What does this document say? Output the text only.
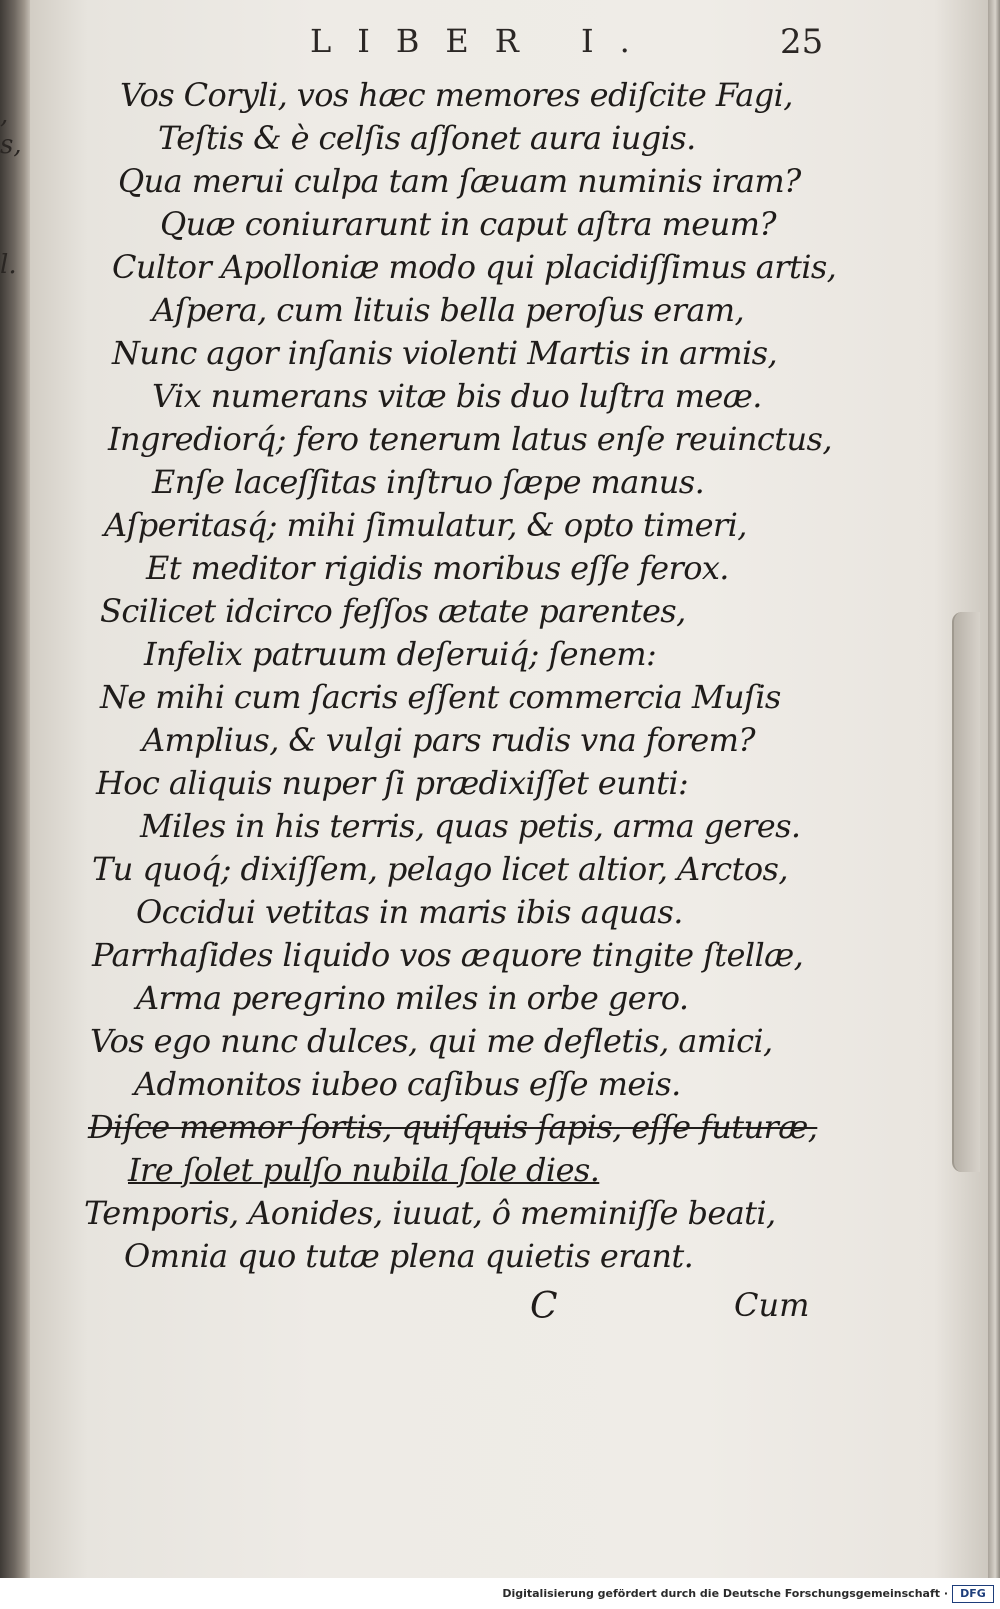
,
s,
l.
LIBER I.	25
Vos Coryli, vos hæc memores ediſcite Fagi,
Teſtis & è celſis aſſonet aura iugis.
Qua merui culpa tam ſæuam numinis iram?
Quæ coniurarunt in caput aſtra meum?
Cultor Apolloniæ modo qui placidiſſimus artis,
Aſpera, cum lituis bella peroſus eram,
Nunc agor inſanis violenti Martis in armis,
Vix numerans vitæ bis duo luſtra meæ.
Ingrediorq́; fero tenerum latus enſe reuinctus,
Enſe laceſſitas inſtruo ſæpe manus.
Aſperitasq́; mihi ſimulatur, & opto timeri,
Et meditor rigidis moribus eſſe ferox.
Scilicet idcirco feſſos ætate parentes,
Infelix patruum deſeruiq́; ſenem:
Ne mihi cum ſacris eſſent commercia Muſis
Amplius, & vulgi pars rudis vna forem?
Hoc aliquis nuper ſi prædixiſſet eunti:
Miles in his terris, quas petis, arma geres.
Tu quoq́; dixiſſem, pelago licet altior, Arctos,
Occidui vetitas in maris ibis aquas.
Parrhaſides liquido vos æquore tingite ſtellæ,
Arma peregrino miles in orbe gero.
Vos ego nunc dulces, qui me defletis, amici,
Admonitos iubeo caſibus eſſe meis.
Diſce memor ſortis, quiſquis ſapis, eſſe futuræ,
Ire ſolet pulſo nubila ſole dies.
Temporis, Aonides, iuuat, ô meminiſſe beati,
Omnia quo tutæ plena quietis erant.
C	Cum
Digitalisierung gefördert durch die Deutsche Forschungsgemeinschaft ·	DFG
